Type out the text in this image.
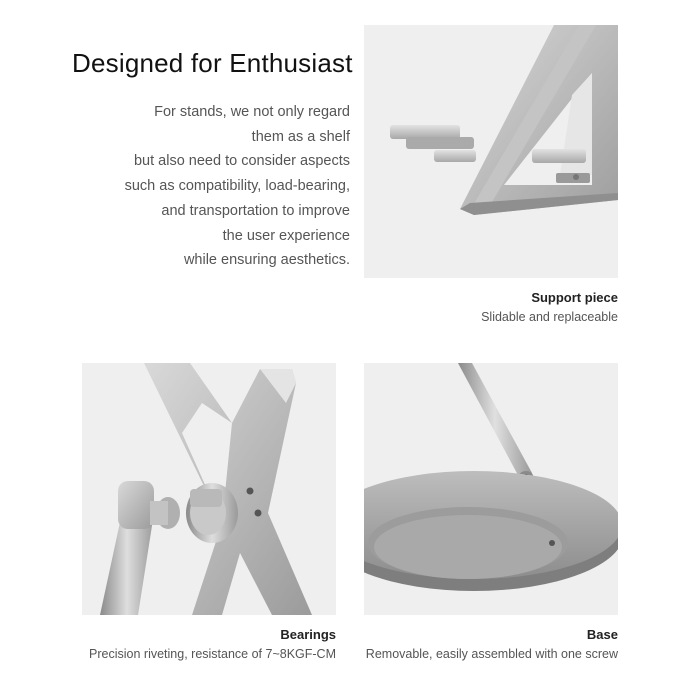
Designed for Enthusiast
For stands, we not only regard
them as a shelf
but also need to consider aspects
such as compatibility, load-bearing,
and transportation to improve
the user experience
while ensuring aesthetics.
Support piece
Slidable and replaceable
Bearings
Precision riveting, resistance of 7~8KGF-CM
Base
Removable, easily assembled with one screw
